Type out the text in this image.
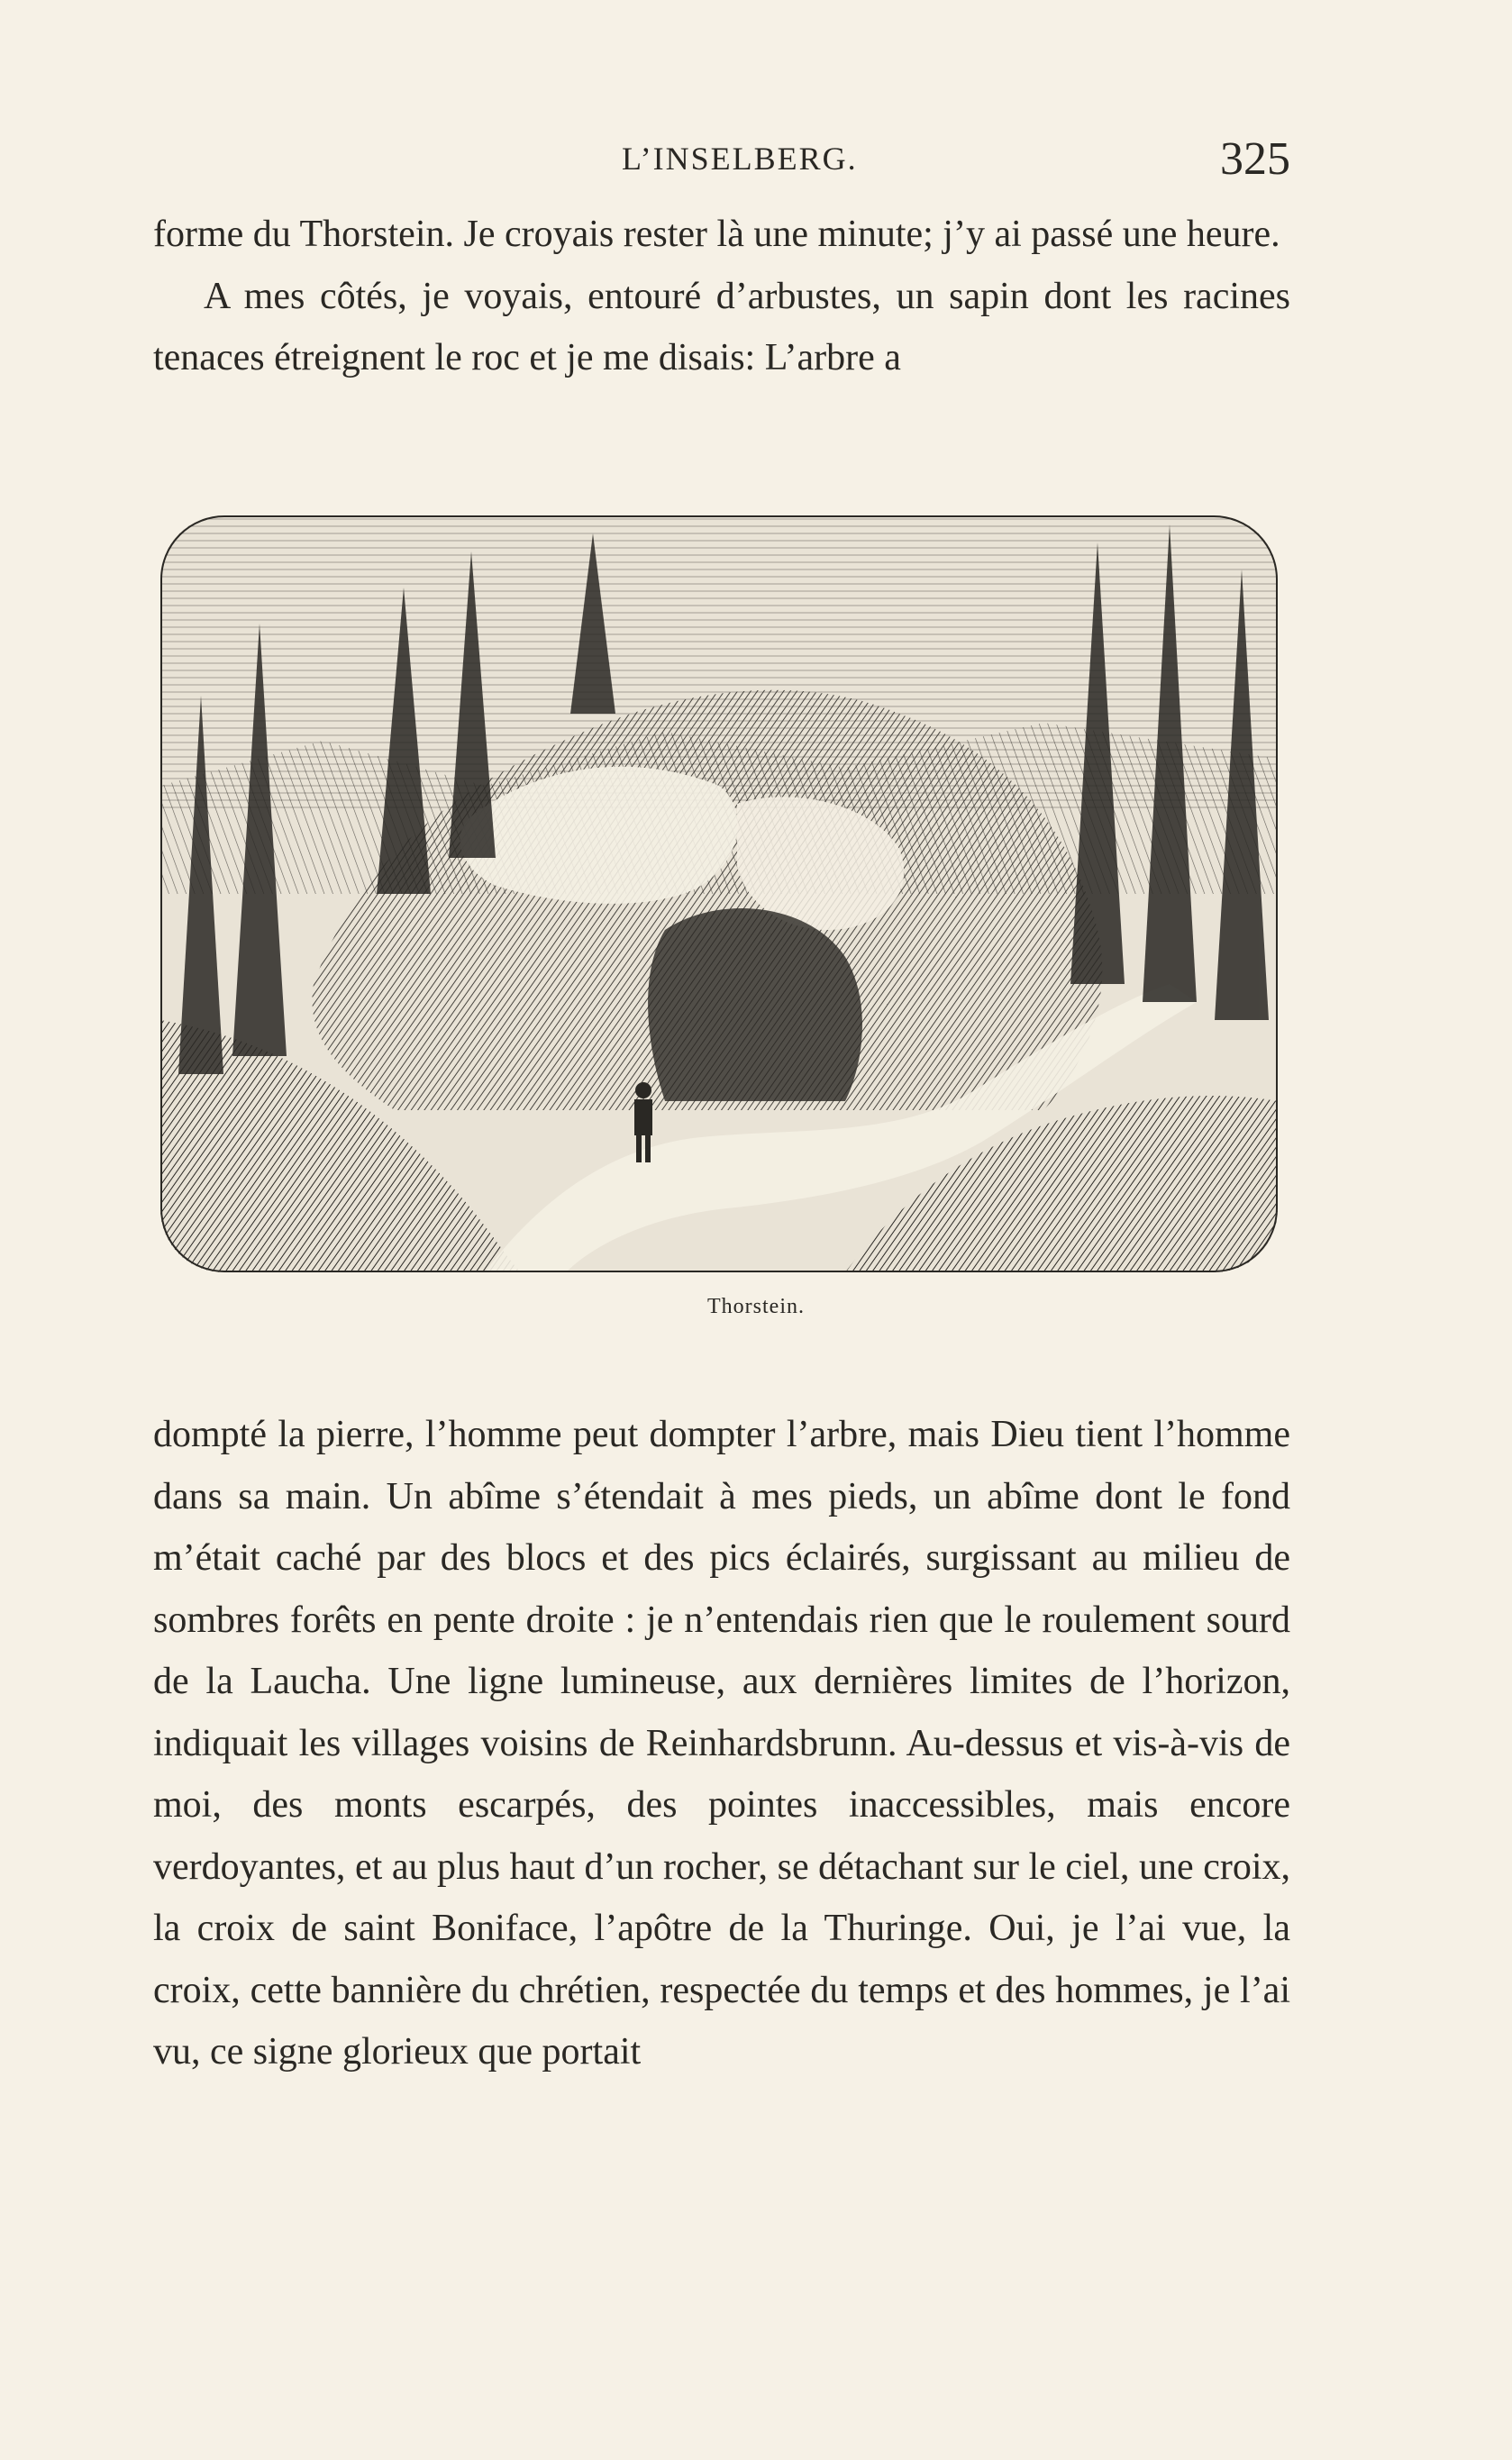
L’INSELBERG.	325

forme du Thorstein. Je croyais rester là une minute; j’y ai passé une heure.

A mes côtés, je voyais, entouré d’arbustes, un sapin dont les racines tenaces étreignent le roc et je me disais: L’arbre a

Thorstein.

dompté la pierre, l’homme peut dompter l’arbre, mais Dieu tient l’homme dans sa main. Un abîme s’étendait à mes pieds, un abîme dont le fond m’était caché par des blocs et des pics éclairés, surgissant au milieu de sombres forêts en pente droite : je n’entendais rien que le roulement sourd de la Laucha. Une ligne lumineuse, aux dernières limites de l’horizon, indiquait les villages voisins de Reinhardsbrunn. Au-dessus et vis-à-vis de moi, des monts escarpés, des pointes inaccessibles, mais encore verdoyantes, et au plus haut d’un rocher, se détachant sur le ciel, une croix, la croix de saint Boniface, l’apôtre de la Thuringe. Oui, je l’ai vue, la croix, cette bannière du chrétien, respectée du temps et des hommes, je l’ai vu, ce signe glorieux que portait
